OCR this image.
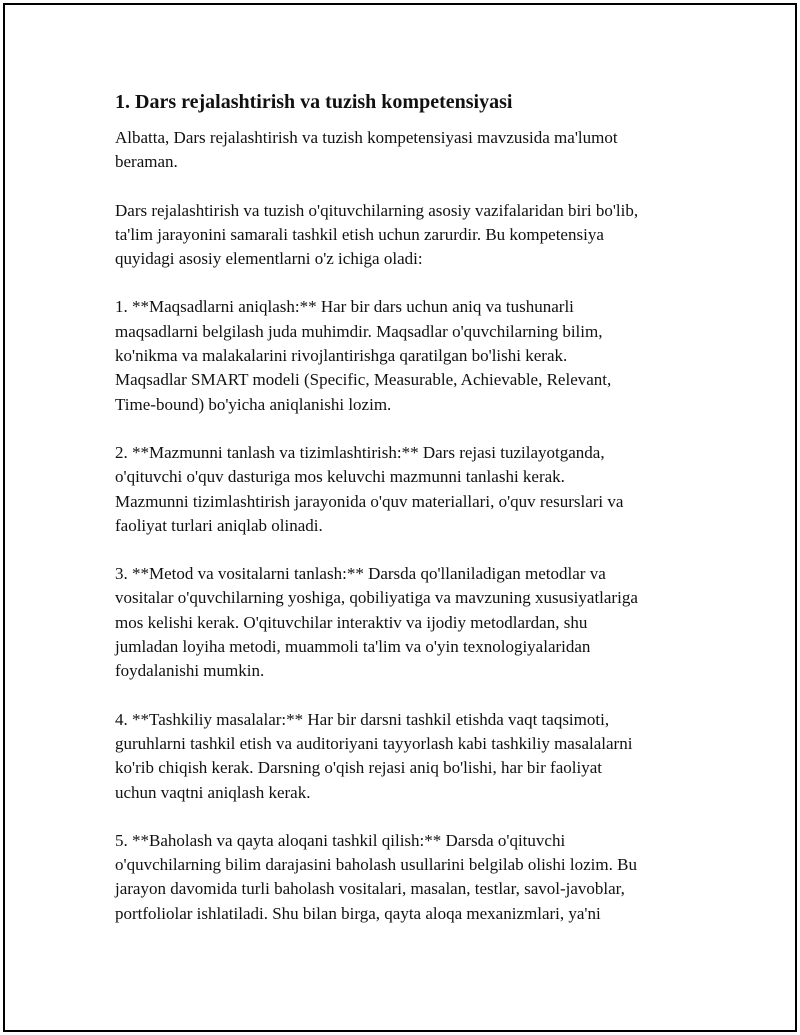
1. Dars rejalashtirish va tuzish kompetensiyasi

Albatta, Dars rejalashtirish va tuzish kompetensiyasi mavzusida ma'lumot
beraman.

Dars rejalashtirish va tuzish o'qituvchilarning asosiy vazifalaridan biri bo'lib,
ta'lim jarayonini samarali tashkil etish uchun zarurdir. Bu kompetensiya
quyidagi asosiy elementlarni o'z ichiga oladi:

1. **Maqsadlarni aniqlash:** Har bir dars uchun aniq va tushunarli
maqsadlarni belgilash juda muhimdir. Maqsadlar o'quvchilarning bilim,
ko'nikma va malakalarini rivojlantirishga qaratilgan bo'lishi kerak.
Maqsadlar SMART modeli (Specific, Measurable, Achievable, Relevant,
Time-bound) bo'yicha aniqlanishi lozim.

2. **Mazmunni tanlash va tizimlashtirish:** Dars rejasi tuzilayotganda,
o'qituvchi o'quv dasturiga mos keluvchi mazmunni tanlashi kerak.
Mazmunni tizimlashtirish jarayonida o'quv materiallari, o'quv resurslari va
faoliyat turlari aniqlab olinadi.

3. **Metod va vositalarni tanlash:** Darsda qo'llaniladigan metodlar va
vositalar o'quvchilarning yoshiga, qobiliyatiga va mavzuning xususiyatlariga
mos kelishi kerak. O'qituvchilar interaktiv va ijodiy metodlardan, shu
jumladan loyiha metodi, muammoli ta'lim va o'yin texnologiyalaridan
foydalanishi mumkin.

4. **Tashkiliy masalalar:** Har bir darsni tashkil etishda vaqt taqsimoti,
guruhlarni tashkil etish va auditoriyani tayyorlash kabi tashkiliy masalalarni
ko'rib chiqish kerak. Darsning o'qish rejasi aniq bo'lishi, har bir faoliyat
uchun vaqtni aniqlash kerak.

5. **Baholash va qayta aloqani tashkil qilish:** Darsda o'qituvchi
o'quvchilarning bilim darajasini baholash usullarini belgilab olishi lozim. Bu
jarayon davomida turli baholash vositalari, masalan, testlar, savol-javoblar,
portfoliolar ishlatiladi. Shu bilan birga, qayta aloqa mexanizmlari, ya'ni
